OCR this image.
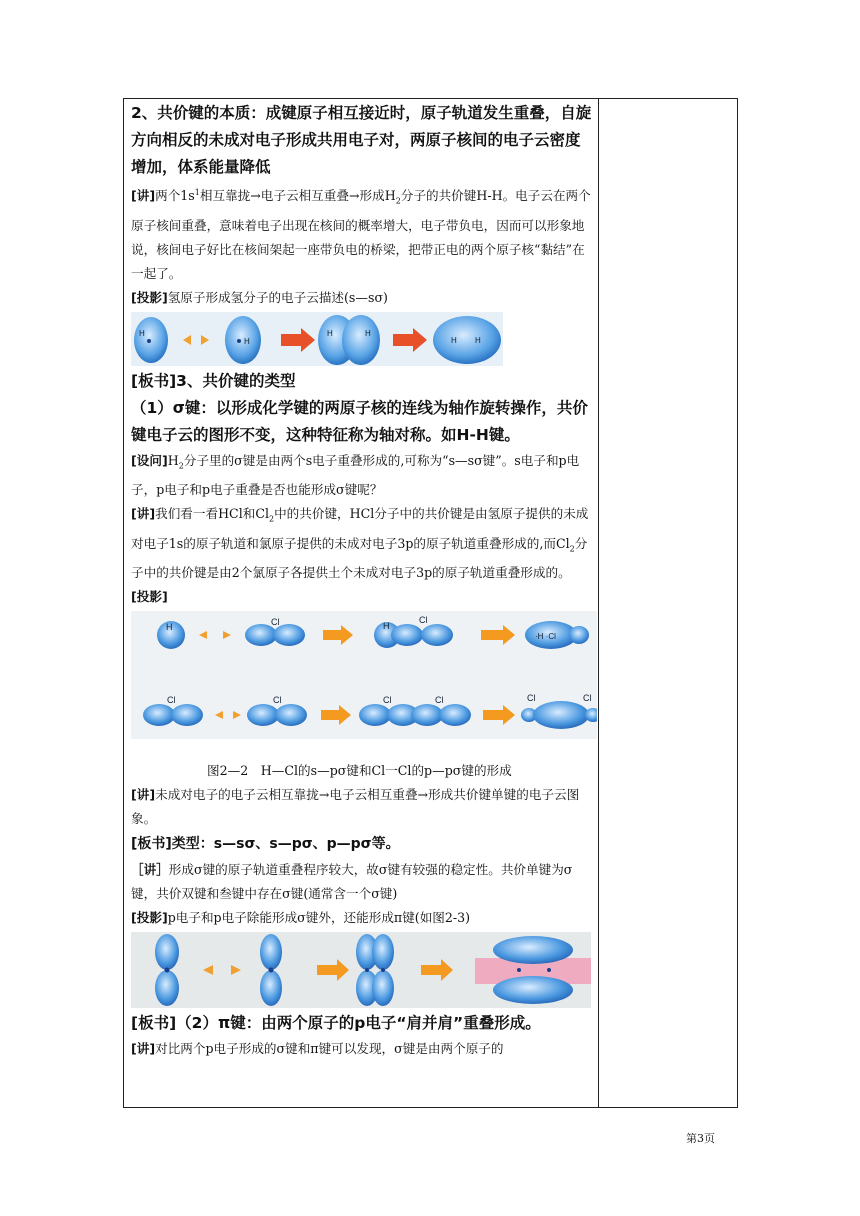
2、共价键的本质：成键原子相互接近时，原子轨道发生重叠，自旋方向相反的未成对电子形成共用电子对，两原子核间的电子云密度增加，体系能量降低

[讲]两个$1s^1$相互靠拢→电子云相互重叠→形成$H_2$分子的共价键H-H。电子云在两个原子核间重叠，意味着电子出现在核间的概率增大，电子带负电，因而可以形象地说，核间电子好比在核间架起一座带负电的桥梁，把带正电的两个原子核“黏结”在一起了。

[投影]氢原子形成氢分子的电子云描述(s—sσ)

H
H
H	H
H H

[板书]3、共价键的类型

（1）σ键：以形成化学键的两原子核的连线为轴作旋转操作，共价键电子云的图形不变，这种特征称为轴对称。如H-H键。

[设问]$H_2$分子里的σ键是由两个s电子重叠形成的,可称为“s—sσ键”。s电子和p电子，p电子和p电子重叠是否也能形成σ键呢？

[讲]我们看一看HCl和$Cl_2$中的共价键，HCl分子中的共价键是由氢原子提供的未成对电子1s的原子轨道和氯原子提供的未成对电子3p的原子轨道重叠形成的,而$Cl_2$分子中的共价键是由2个氯原子各提供土个未成对电子3p的原子轨道重叠形成的。

[投影]

H	Cl	H
Cl
·H ·Cl
Cl	Cl	Cl	Cl	Cl	Cl

图2—2　H—Cl的s—pσ键和Cl一Cl的p—pσ键的形成

[讲]未成对电子的电子云相互靠拢→电子云相互重叠→形成共价键单键的电子云图象。

[板书]类型：s—sσ、s—pσ、p—pσ等。

［讲］形成σ键的原子轨道重叠程序较大，故σ键有较强的稳定性。共价单键为σ键，共价双键和叁键中存在σ键(通常含一个σ键)

[投影]p电子和p电子除能形成σ键外，还能形成π键(如图2-3)

[板书]（2）π键：由两个原子的p电子“肩并肩”重叠形成。

[讲]对比两个p电子形成的σ键和π键可以发现，σ键是由两个原子的

第3页
